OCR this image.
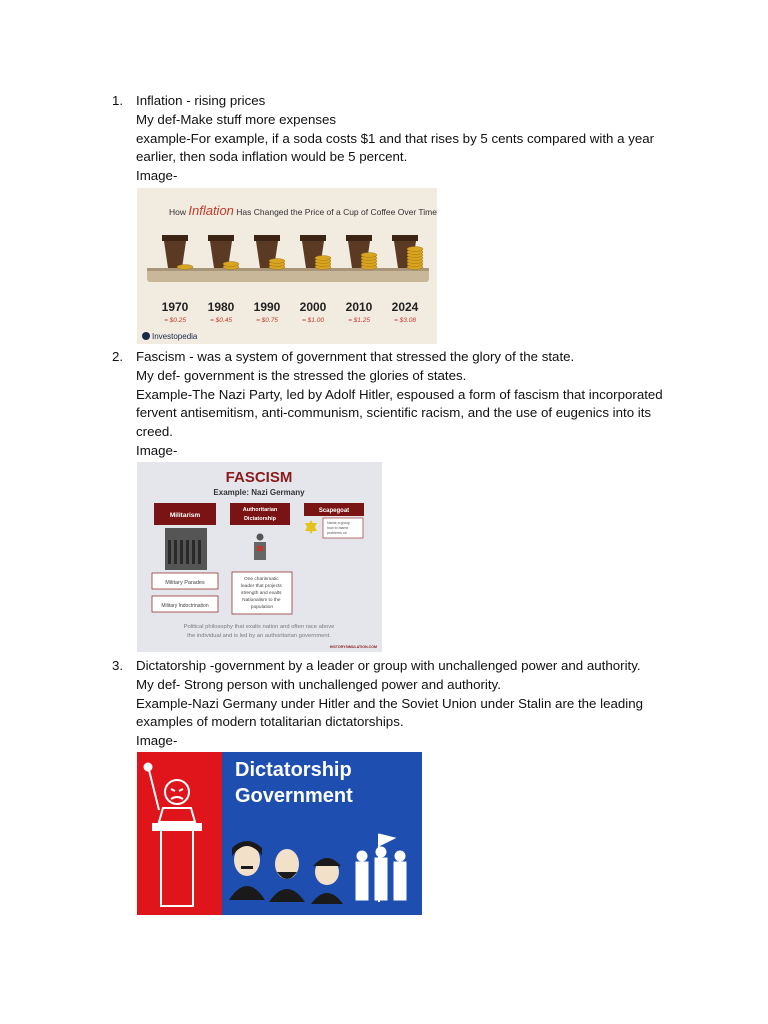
1. Inflation - rising prices
My def-Make stuff more expenses
example-For example, if a soda costs $1 and that rises by 5 cents compared with a year earlier, then soda inflation would be 5 percent.
Image-
How Inflation Has Changed the Price of a Cup of Coffee Over Time
1970
= $0.25
1980
= $0.45
1990
= $0.75
2000
= $1.00
2010
= $1.25
2024
= $3.08
Investopedia
2. Fascism - was a system of government that stressed the glory of the state.
My def- government is the stressed the glories of states.
Example-The Nazi Party, led by Adolf Hitler, espoused a form of fascism that incorporated fervent antisemitism, anti-communism, scientific racism, and the use of eugenics into its creed.
Image-
FASCISM
Example: Nazi Germany
Militarism
Authoritarian
Dictatorship
Scapegoat
Name a group how to blame problems on
Military Parades
Military Indoctrination
One charismatic leader that projects strength and exalts Nationalism to the population
Political philosophy that exalts nation and often race above
the individual and is led by an authoritarian government.
HISTORYSIMULATION.COM
3. Dictatorship -government by a leader or group with unchallenged power and authority.
My def- Strong person with unchallenged power and authority.
Example-Nazi Germany under Hitler and the Soviet Union under Stalin are the leading examples of modern totalitarian dictatorships.
Image-
Dictatorship
Government
